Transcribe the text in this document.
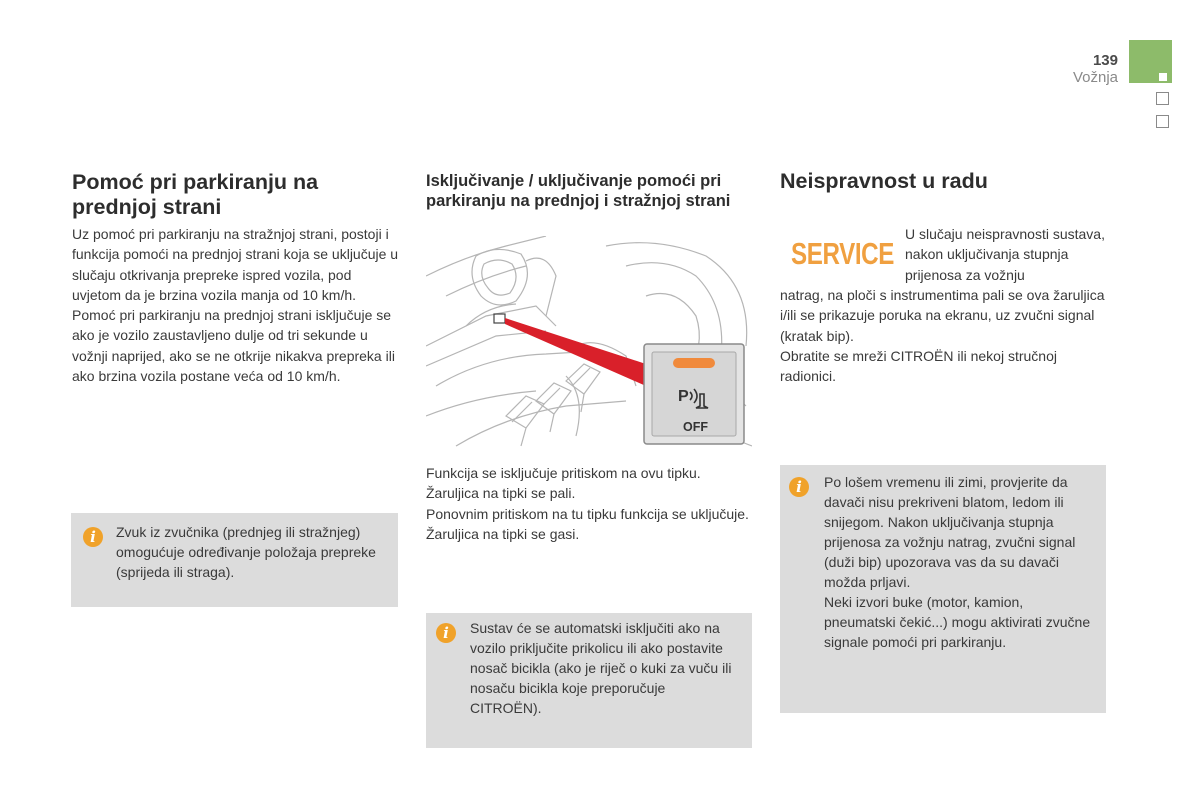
139
Vožnja
Pomoć pri parkiranju na prednjoj strani

Uz pomoć pri parkiranju na stražnjoj strani, postoji i funkcija pomoći na prednjoj strani koja se uključuje u slučaju otkrivanja prepreke ispred vozila, pod uvjetom da je brzina vozila manja od 10 km/h.

Pomoć pri parkiranju na prednjoj strani isključuje se ako je vozilo zaustavljeno dulje od tri sekunde u vožnji naprijed, ako se ne otkrije nikakva prepreka ili ako brzina vozila postane veća od 10 km/h.

i	Zvuk iz zvučnika (prednjeg ili stražnjeg) omogućuje određivanje položaja prepreke (sprijeda ili straga).

Isključivanje / uključivanje pomoći pri parkiranju na prednjoj i stražnjoj strani
P
OFF

Funkcija se isključuje pritiskom na ovu tipku.

Žaruljica na tipki se pali.

Ponovnim pritiskom na tu tipku funkcija se uključuje. Žaruljica na tipki se gasi.

i	Sustav će se automatski isključiti ako na vozilo priključite prikolicu ili ako postavite nosač bicikla (ako je riječ o kuki za vuču ili nosaču bicikla koje preporučuje CITROËN).

Neispravnost u radu
SERVICE

U slučaju neispravnosti sustava, nakon uključivanja stupnja prijenosa za vožnju

natrag, na ploči s instrumentima pali se ova žaruljica i/ili se prikazuje poruka na ekranu, uz zvučni signal (kratak bip).

Obratite se mreži CITROËN ili nekoj stručnoj radionici.

i	Po lošem vremenu ili zimi, provjerite da davači nisu prekriveni blatom, ledom ili snijegom. Nakon uključivanja stupnja prijenosa za vožnju natrag, zvučni signal (duži bip) upozorava vas da su davači možda prljavi.

Neki izvori buke (motor, kamion, pneumatski čekić...) mogu aktivirati zvučne signale pomoći pri parkiranju.
